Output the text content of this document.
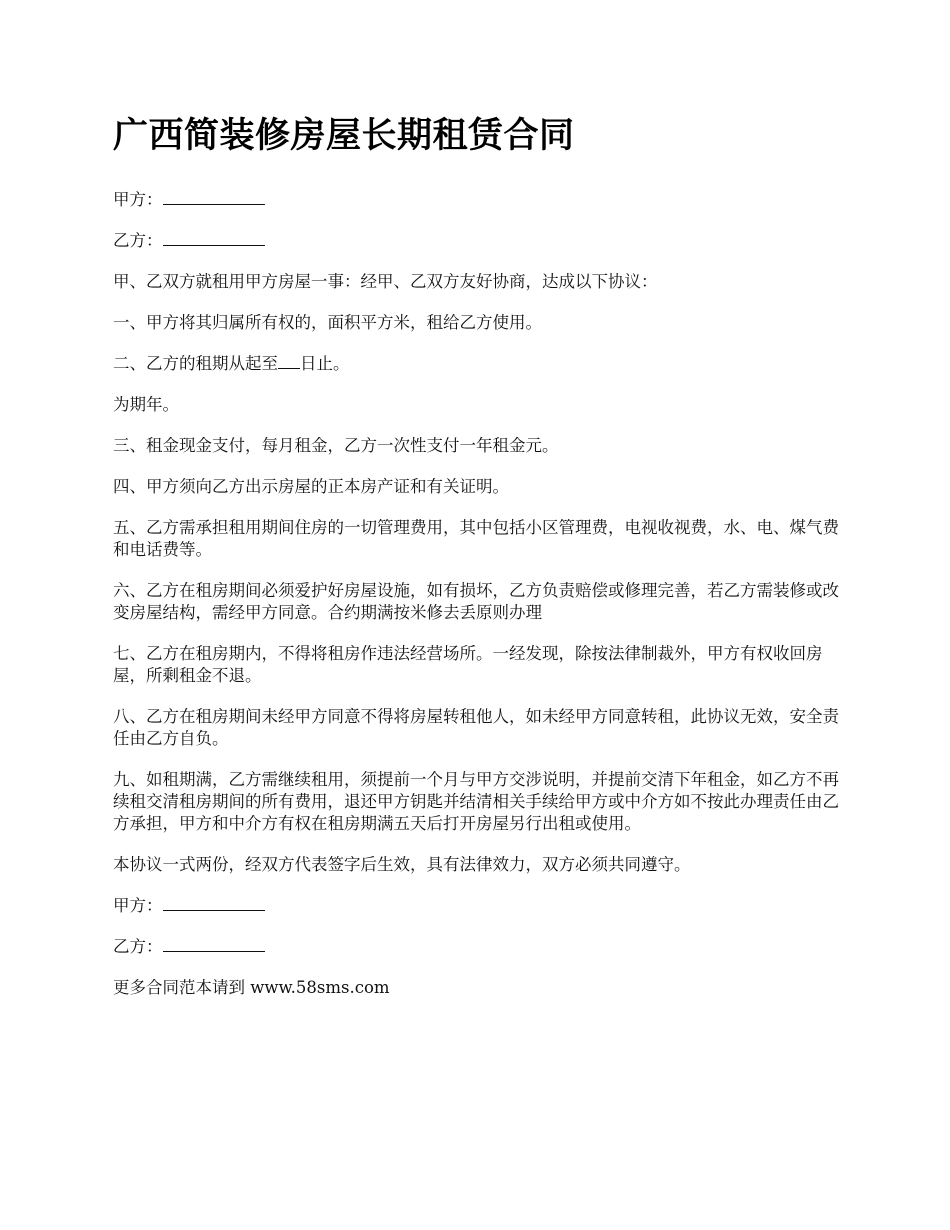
广西简装修房屋长期租赁合同

甲方：

乙方：

甲、乙双方就租用甲方房屋一事：经甲、乙双方友好协商，达成以下协议：

一、甲方将其归属所有权的，面积平方米，租给乙方使用。

二、乙方的租期从起至 日止。

为期年。

三、租金现金支付，每月租金，乙方一次性支付一年租金元。

四、甲方须向乙方出示房屋的正本房产证和有关证明。

五、乙方需承担租用期间住房的一切管理费用，其中包括小区管理费，电视收视费，水、电、煤气费和电话费等。

六、乙方在租房期间必须爱护好房屋设施，如有损坏，乙方负责赔偿或修理完善，若乙方需装修或改变房屋结构，需经甲方同意。合约期满按米修去丢原则办理

七、乙方在租房期内，不得将租房作违法经营场所。一经发现，除按法律制裁外，甲方有权收回房屋，所剩租金不退。

八、乙方在租房期间未经甲方同意不得将房屋转租他人，如未经甲方同意转租，此协议无效，安全责任由乙方自负。

九、如租期满，乙方需继续租用，须提前一个月与甲方交涉说明，并提前交清下年租金，如乙方不再续租交清租房期间的所有费用，退还甲方钥匙并结清相关手续给甲方或中介方如不按此办理责任由乙方承担，甲方和中介方有权在租房期满五天后打开房屋另行出租或使用。

本协议一式两份，经双方代表签字后生效，具有法律效力，双方必须共同遵守。

甲方：

乙方：

更多合同范本请到 www.58sms.com
